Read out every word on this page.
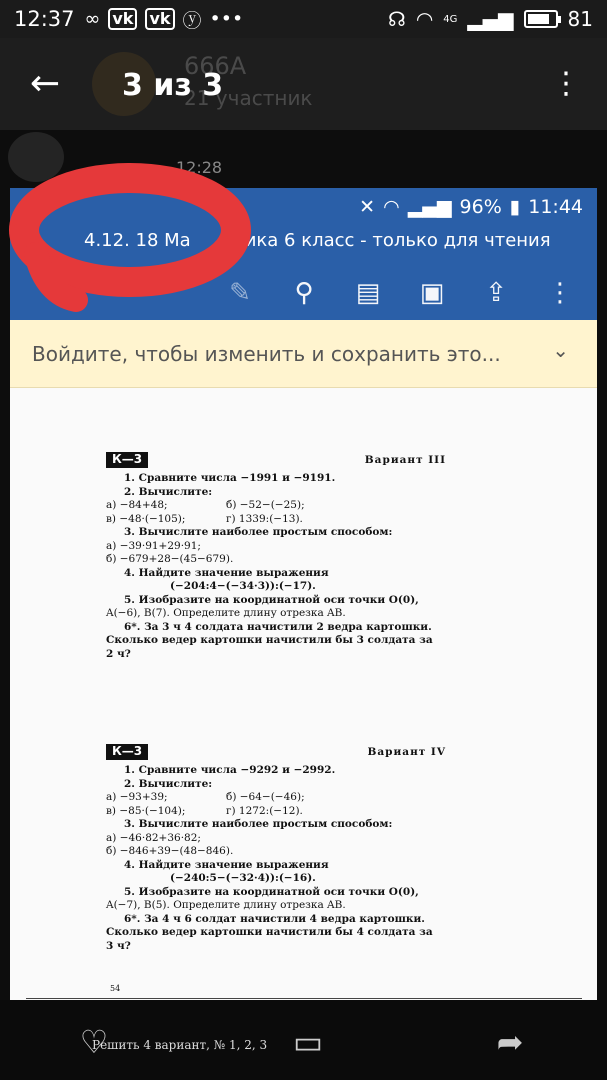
12:37 ∞ vk vk ⓨ •••	☊ ◠ 4G ▂▄▆	81
666A
21 участник
←	3 из 3	⋮
12:28
✕ ◠ ▂▄▆ 96% ▮ 11:44
4.12. 18 Ma	ика 6 класс - только для чтения
✎ ⚲ ▤ ▣ ⇪ ⋮
Войдите, чтобы изменить и сохранить это...	⌄
К—3	Вариант III
1. Сравните числа −1991 и −9191.
2. Вычислите:
а) −84+48;	б) −52−(−25);
в) −48·(−105);	г) 1339:(−13).
3. Вычислите наиболее простым способом:
а) −39·91+29·91;
б) −679+28−(45−679).
4. Найдите значение выражения
(−204:4−(−34·3)):(−17).
5. Изобразите на координатной оси точки O(0),
A(−6), B(7). Определите длину отрезка AB.
6*. За 3 ч 4 солдата начистили 2 ведра картошки.
Сколько ведер картошки начистили бы 3 солдата за
2 ч?
К—3	Вариант IV
1. Сравните числа −9292 и −2992.
2. Вычислите:
а) −93+39;	б) −64−(−46);
в) −85·(−104);	г) 1272:(−12).
3. Вычислите наиболее простым способом:
а) −46·82+36·82;
б) −846+39−(48−846).
4. Найдите значение выражения
(−240:5−(−32·4)):(−16).
5. Изобразите на координатной оси точки O(0),
A(−7), B(5). Определите длину отрезка AB.
6*. За 4 ч 6 солдат начистили 4 ведра картошки.
Сколько ведер картошки начистили бы 4 солдата за
3 ч?
54
♡
Решить 4 вариант, № 1, 2, 3 ▭	➦
